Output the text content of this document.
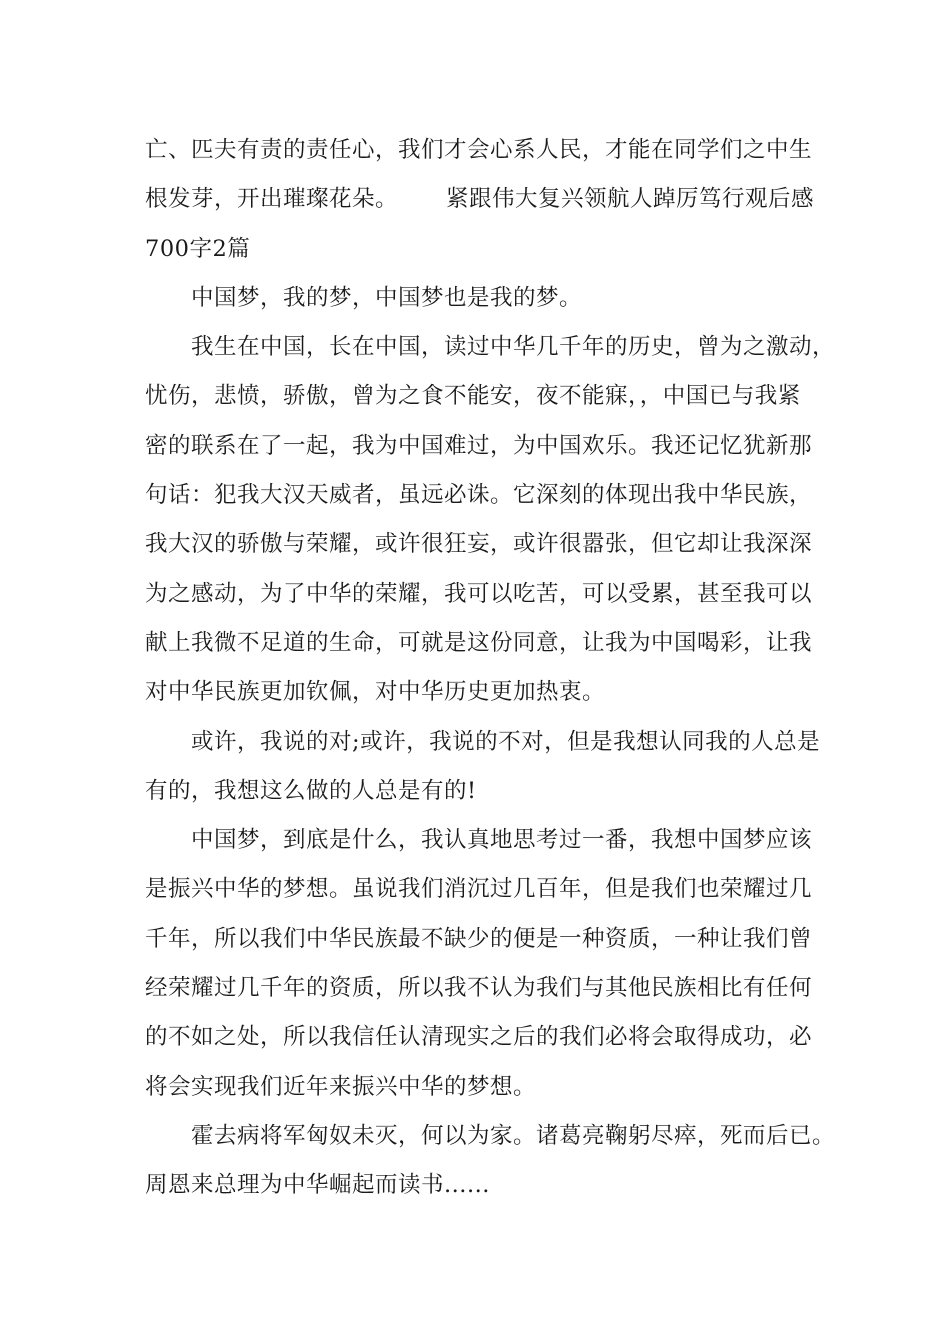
亡、匹夫有责的责任心，我们才会心系人民，才能在同学们之中生
根发芽，开出璀璨花朵。 紧跟伟大复兴领航人踔厉笃行观后感
700字2篇
中国梦，我的梦，中国梦也是我的梦。
我生在中国，长在中国，读过中华几千年的历史，曾为之激动，
忧伤，悲愤，骄傲，曾为之食不能安，夜不能寐，，中国已与我紧
密的联系在了一起，我为中国难过，为中国欢乐。我还记忆犹新那
句话：犯我大汉天威者，虽远必诛。它深刻的体现出我中华民族，
我大汉的骄傲与荣耀，或许很狂妄，或许很嚣张，但它却让我深深
为之感动，为了中华的荣耀，我可以吃苦，可以受累，甚至我可以
献上我微不足道的生命，可就是这份同意，让我为中国喝彩，让我
对中华民族更加钦佩，对中华历史更加热衷。
或许，我说的对;或许，我说的不对，但是我想认同我的人总是
有的，我想这么做的人总是有的!
中国梦，到底是什么，我认真地思考过一番，我想中国梦应该
是振兴中华的梦想。虽说我们消沉过几百年，但是我们也荣耀过几
千年，所以我们中华民族最不缺少的便是一种资质，一种让我们曾
经荣耀过几千年的资质，所以我不认为我们与其他民族相比有任何
的不如之处，所以我信任认清现实之后的我们必将会取得成功，必
将会实现我们近年来振兴中华的梦想。
霍去病将军匈奴未灭，何以为家。诸葛亮鞠躬尽瘁，死而后已。
周恩来总理为中华崛起而读书......
